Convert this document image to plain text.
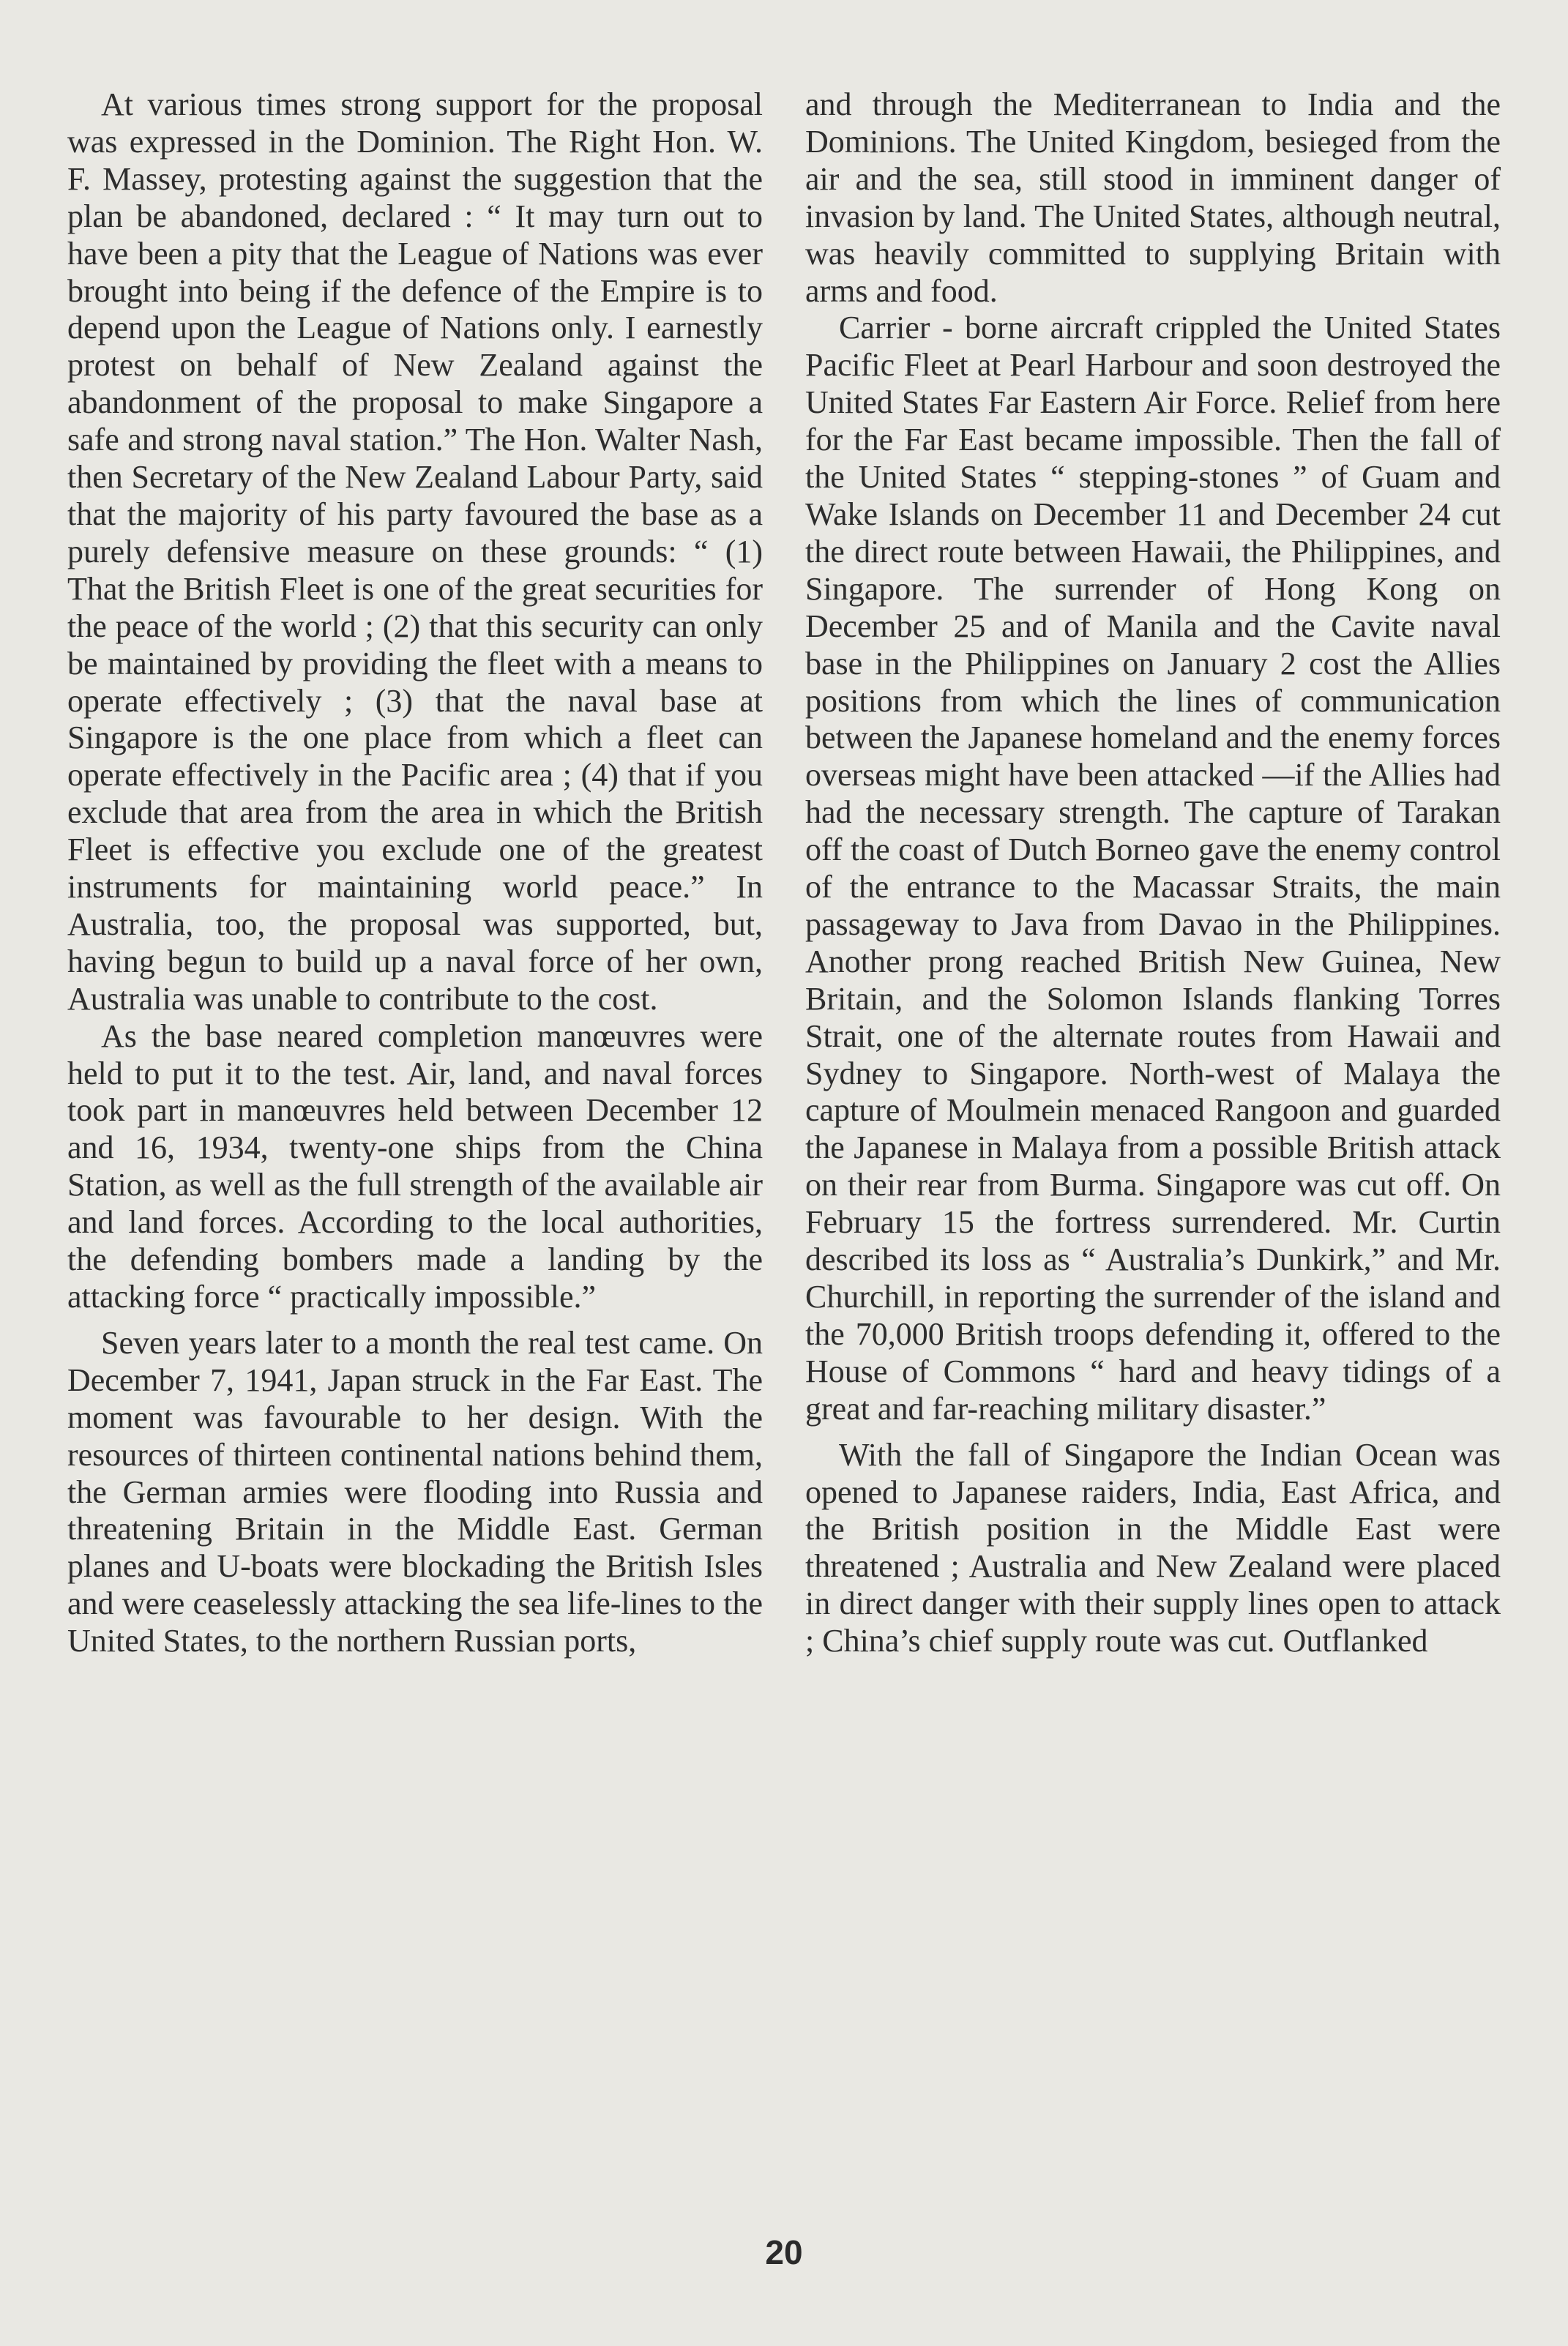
At various times strong support for the proposal was expressed in the Dominion. The Right Hon. W. F. Massey, protesting against the suggestion that the plan be abandoned, declared : “ It may turn out to have been a pity that the League of Nations was ever brought into being if the defence of the Empire is to depend upon the League of Nations only. I earnestly protest on behalf of New Zealand against the abandonment of the proposal to make Singapore a safe and strong naval station.” The Hon. Walter Nash, then Secretary of the New Zealand Labour Party, said that the majority of his party favoured the base as a purely defensive measure on these grounds: “ (1) That the British Fleet is one of the great securities for the peace of the world ; (2) that this security can only be maintained by providing the fleet with a means to operate effectively ; (3) that the naval base at Singapore is the one place from which a fleet can operate effectively in the Pacific area ; (4) that if you exclude that area from the area in which the British Fleet is effective you exclude one of the greatest instruments for maintaining world peace.” In Australia, too, the proposal was supported, but, having begun to build up a naval force of her own, Australia was unable to contribute to the cost.

As the base neared completion manœuvres were held to put it to the test. Air, land, and naval forces took part in manœuvres held between December 12 and 16, 1934, twenty-one ships from the China Station, as well as the full strength of the available air and land forces. According to the local authorities, the defending bombers made a landing by the attacking force “ practically impossible.”

Seven years later to a month the real test came. On December 7, 1941, Japan struck in the Far East. The moment was favourable to her design. With the resources of thirteen continental nations behind them, the German armies were flooding into Russia and threatening Britain in the Middle East. German planes and U-boats were blockading the British Isles and were ceaselessly attacking the sea life-lines to the United States, to the northern Russian ports,

and through the Mediterranean to India and the Dominions. The United Kingdom, besieged from the air and the sea, still stood in imminent danger of invasion by land. The United States, although neutral, was heavily committed to supplying Britain with arms and food.

Carrier - borne aircraft crippled the United States Pacific Fleet at Pearl Harbour and soon destroyed the United States Far Eastern Air Force. Relief from here for the Far East became impossible. Then the fall of the United States “ stepping-stones ” of Guam and Wake Islands on December 11 and December 24 cut the direct route between Hawaii, the Philippines, and Singapore. The surrender of Hong Kong on December 25 and of Manila and the Cavite naval base in the Philippines on January 2 cost the Allies positions from which the lines of communication between the Japanese homeland and the enemy forces overseas might have been attacked —if the Allies had had the necessary strength. The capture of Tarakan off the coast of Dutch Borneo gave the enemy control of the entrance to the Macassar Straits, the main passageway to Java from Davao in the Philippines. Another prong reached British New Guinea, New Britain, and the Solomon Islands flanking Torres Strait, one of the alternate routes from Hawaii and Sydney to Singapore. North-west of Malaya the capture of Moulmein menaced Rangoon and guarded the Japanese in Malaya from a possible British attack on their rear from Burma. Singapore was cut off. On February 15 the fortress surrendered. Mr. Curtin described its loss as “ Australia’s Dunkirk,” and Mr. Churchill, in reporting the surrender of the island and the 70,000 British troops defending it, offered to the House of Commons “ hard and heavy tidings of a great and far-reaching military disaster.”

With the fall of Singapore the Indian Ocean was opened to Japanese raiders, India, East Africa, and the British position in the Middle East were threatened ; Australia and New Zealand were placed in direct danger with their supply lines open to attack ; China’s chief supply route was cut. Outflanked

20
